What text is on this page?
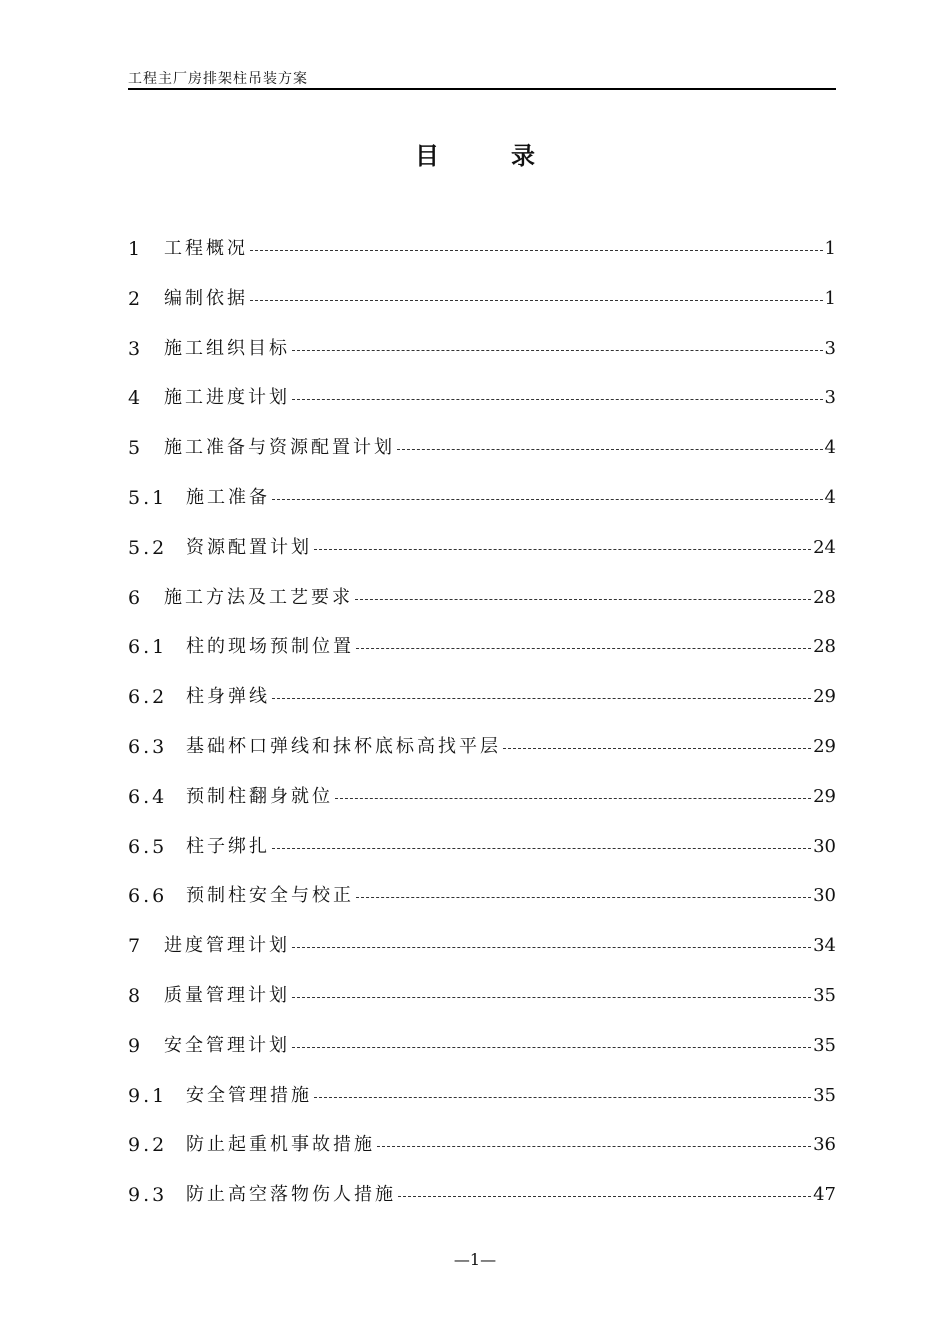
工程主厂房排架柱吊装方案
目录
1	工程概况	1
2	编制依据	1
3	施工组织目标	3
4	施工进度计划	3
5	施工准备与资源配置计划	4
5.1	施工准备	4
5.2	资源配置计划	24
6	施工方法及工艺要求	28
6.1	柱的现场预制位置	28
6.2	柱身弹线	29
6.3	基础杯口弹线和抹杯底标高找平层	29
6.4	预制柱翻身就位	29
6.5	柱子绑扎	30
6.6	预制柱安全与校正	30
7	进度管理计划	34
8	质量管理计划	35
9	安全管理计划	35
9.1	安全管理措施	35
9.2	防止起重机事故措施	36
9.3	防止高空落物伤人措施	47
—1—
